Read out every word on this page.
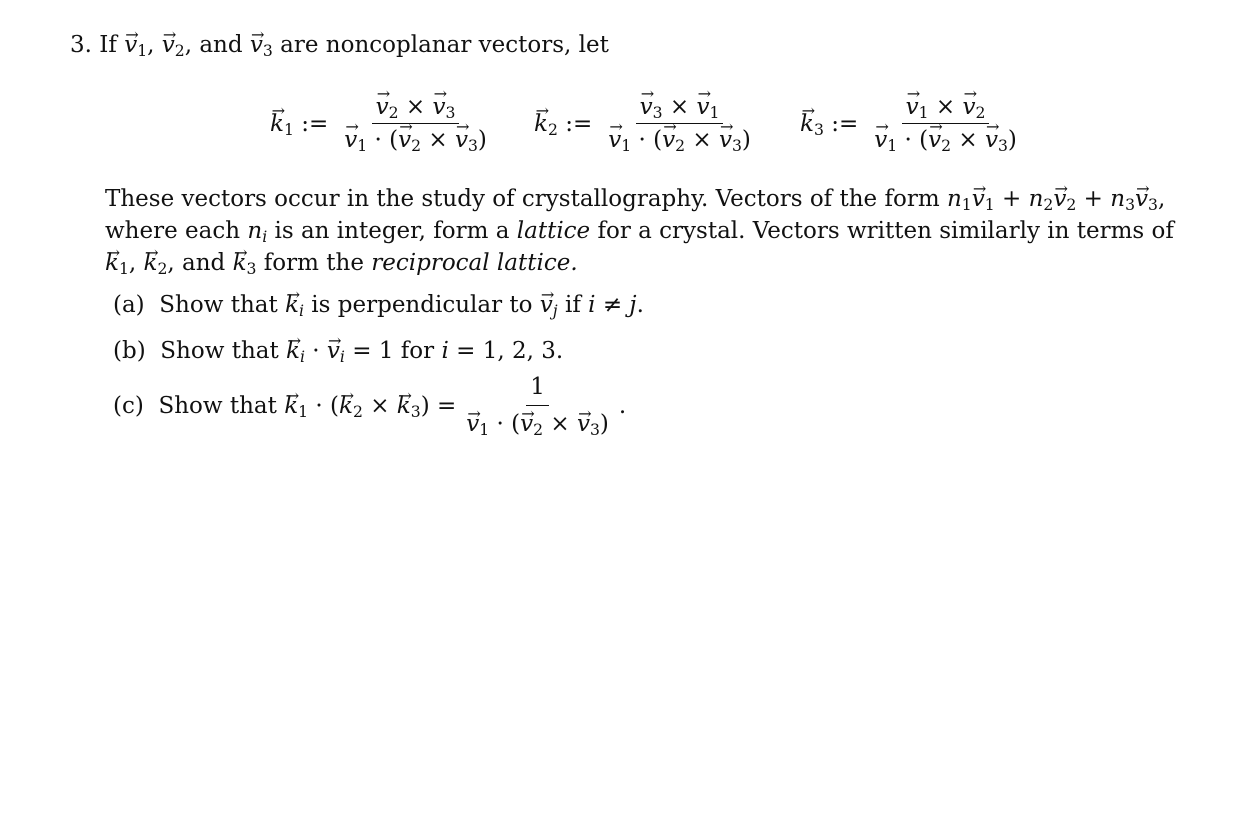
3. $If \to v_1$, → $v_2$, and → $v_3$ are noncoplanar vectors, let
→ $k_1$ :=
→ $v_2$ × → $v_3$
→ $v_1$ · (→ $v_2$ × → $v_3$)
→ $k_2$ :=
→ $v_3$ × → $v_1$
→ $v_1$ · (→ $v_2$ × → $v_3$)
→ $k_3$ :=
→ $v_1$ × → $v_2$
→ $v_1$ · (→ $v_2$ × → $v_3$)
These vectors occur in the study of crystallography. Vectors of the form $n_1\to v_1 + n_2\to v_2 + n_3\to v_3$,
where each $n_i$ is an integer, form a lattice for a crystal. Vectors written similarly in terms of
→ $k_1$, → $k_2$, and → $k_3$ form the reciprocal lattice.
(a) Show that → $k_i$ is perpendicular to → $v_j$ if i ≠ j.
(b) Show that → $k_i$ · → $v_i = 1$ for i = 1, 2, 3.
(c)
Show that

→ $k_1$ · (→ $k_2$ × → $k_3) = 1$
→ $v_1$ · (→ $v_2$ × → $v_3$) .
